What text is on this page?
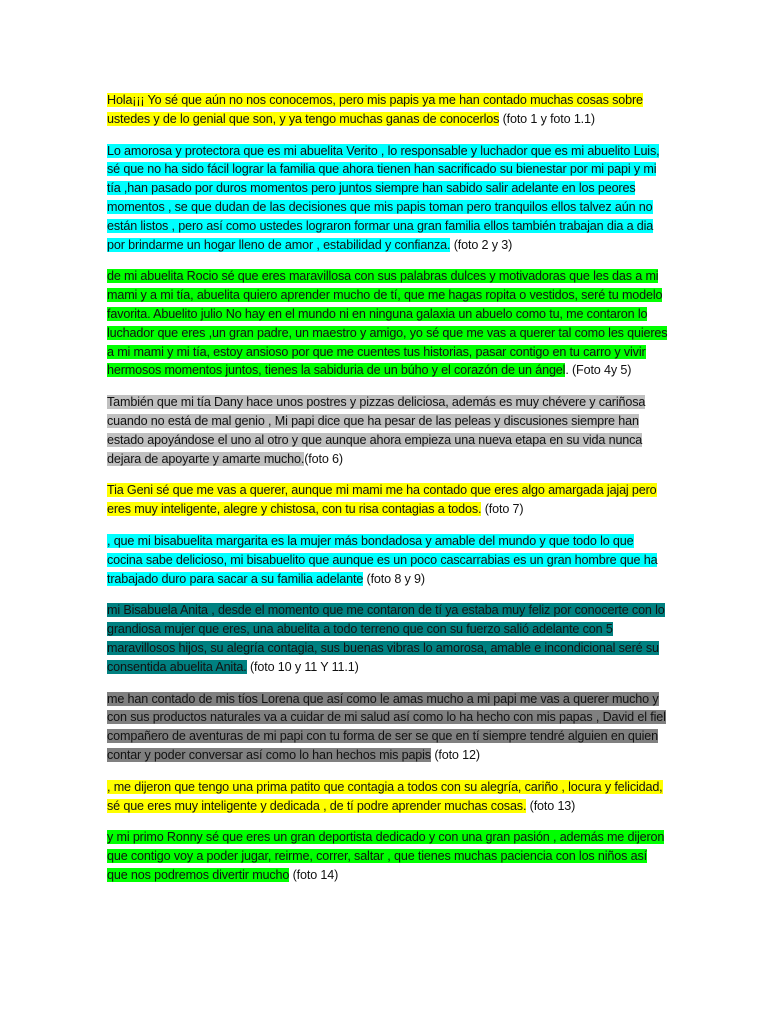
Hola¡¡¡ Yo sé que aún no nos conocemos, pero mis papis ya me han contado muchas cosas sobre ustedes y de lo genial que son, y ya tengo muchas ganas de conocerlos (foto 1 y foto 1.1)

Lo amorosa y protectora que es mi abuelita Verito , lo responsable y luchador que es mi abuelito Luis, sé que no ha sido fácil lograr la familia que ahora tienen han sacrificado su bienestar por mi papi y mi tía ,han pasado por duros momentos pero juntos siempre han sabido salir adelante en los peores momentos , se que dudan de las decisiones que mis papis toman pero tranquilos ellos talvez aún no están listos , pero así como ustedes lograron formar una gran familia ellos también trabajan dia a dia por brindarme un hogar lleno de amor , estabilidad y confianza. (foto 2 y 3)

de mi abuelita Rocio sé que eres maravillosa con sus palabras dulces y motivadoras que les das a mi mami y a mi tía, abuelita quiero aprender mucho de tí, que me hagas ropita o vestidos, seré tu modelo favorita. Abuelito julio No hay en el mundo ni en ninguna galaxia un abuelo como tu, me contaron lo luchador que eres ,un gran padre, un maestro y amigo, yo sé que me vas a querer tal como les quieres a mi mami y mi tía, estoy ansioso por que me cuentes tus historias, pasar contigo en tu carro y vivir hermosos momentos juntos, tienes la sabiduria de un búho y el corazón de un ángel. (Foto 4y 5)

También que mi tía Dany hace unos postres y pizzas deliciosa, además es muy chévere y cariñosa cuando no está de mal genio , Mi papi dice que ha pesar de las peleas y discusiones siempre han estado apoyándose el uno al otro y que aunque ahora empieza una nueva etapa en su vida nunca dejara de apoyarte y amarte mucho.(foto 6)

Tia Geni sé que me vas a querer, aunque mi mami me ha contado que eres algo amargada jajaj pero eres muy inteligente, alegre y chistosa, con tu risa contagias a todos. (foto 7)

, que mi bisabuelita margarita es la mujer más bondadosa y amable del mundo y que todo lo que cocina sabe delicioso, mi bisabuelito que aunque es un poco cascarrabias es un gran hombre que ha trabajado duro para sacar a su familia adelante (foto 8 y 9)

mi Bisabuela Anita , desde el momento que me contaron de tí ya estaba muy feliz por conocerte con lo grandiosa mujer que eres, una abuelita a todo terreno que con su fuerzo salió adelante con 5 maravillosos hijos, su alegría contagia, sus buenas vibras lo amorosa, amable e incondicional seré su consentida abuelita Anita. (foto 10 y 11 Y 11.1)

me han contado de mis tíos Lorena que así como le amas mucho a mi papi me vas a querer mucho y con sus productos naturales va a cuidar de mi salud así como lo ha hecho con mis papas , David el fiel compañero de aventuras de mi papi con tu forma de ser se que en tí siempre tendré alguien en quien contar y poder conversar así como lo han hechos mis papis (foto 12)

, me dijeron que tengo una prima patito que contagia a todos con su alegría, cariño , locura y felicidad, sé que eres muy inteligente y dedicada , de tí podre aprender muchas cosas. (foto 13)

y mi primo Ronny sé que eres un gran deportista dedicado y con una gran pasión , además me dijeron que contigo voy a poder jugar, reirme, correr, saltar , que tienes muchas paciencia con los niños así que nos podremos divertir mucho (foto 14)
